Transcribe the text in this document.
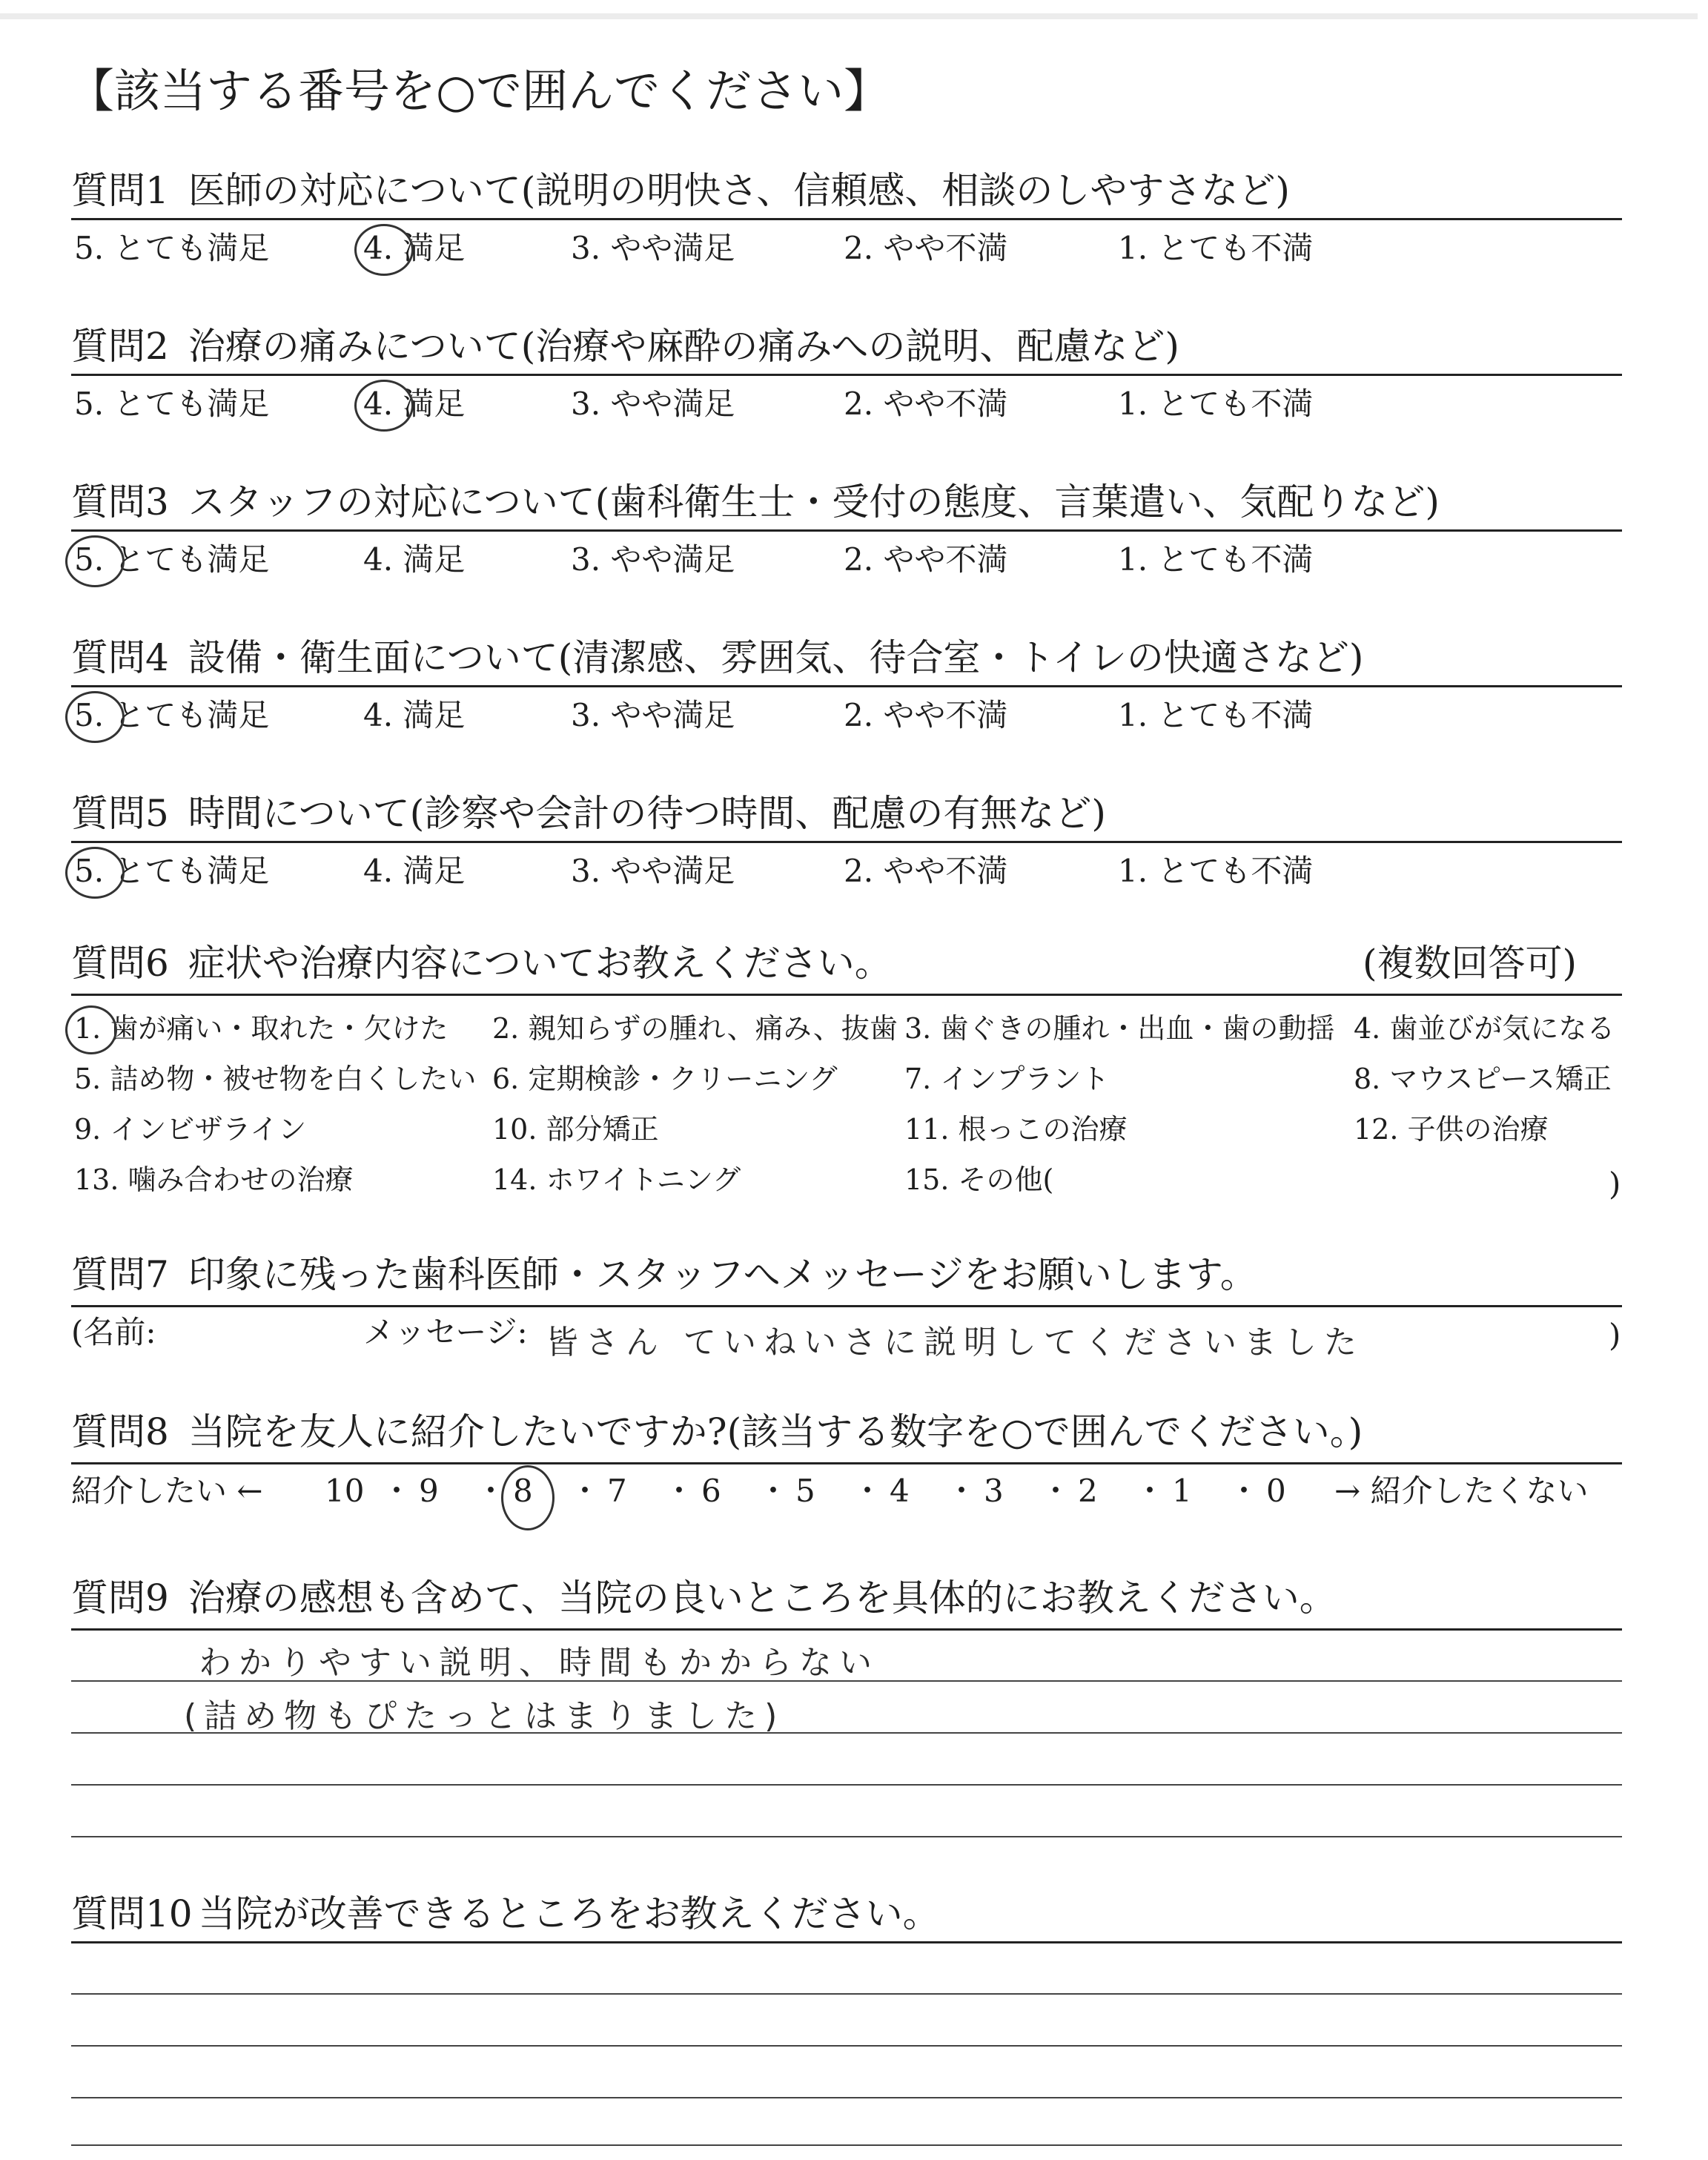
【該当する番号を○で囲んでください】
質問1 医師の対応について(説明の明快さ、信頼感、相談のしやすさなど)
5. とても満足	4. 満足	3. やや満足	2. やや不満	1. とても不満
質問2 治療の痛みについて(治療や麻酔の痛みへの説明、配慮など)
5. とても満足	4. 満足	3. やや満足	2. やや不満	1. とても不満
質問3 スタッフの対応について(歯科衛生士・受付の態度、言葉遣い、気配りなど)
5. とても満足	4. 満足	3. やや満足	2. やや不満	1. とても不満
質問4 設備・衛生面について(清潔感、雰囲気、待合室・トイレの快適さなど)
5. とても満足	4. 満足	3. やや満足	2. やや不満	1. とても不満
質問5 時間について(診察や会計の待つ時間、配慮の有無など)
5. とても満足	4. 満足	3. やや満足	2. やや不満	1. とても不満
質問6 症状や治療内容についてお教えください。	(複数回答可)
1. 歯が痛い・取れた・欠けた 2. 親知らずの腫れ、痛み、抜歯 3. 歯ぐきの腫れ・出血・歯の動揺 4. 歯並びが気になる
5. 詰め物・被せ物を白くしたい 6. 定期検診・クリーニング 7. インプラント	8. マウスピース矯正
9. インビザライン	10. 部分矯正	11. 根っこの治療	12. 子供の治療
13. 噛み合わせの治療	14. ホワイトニング	15. その他(	)
質問7 印象に残った歯科医師・スタッフへメッセージをお願いします。
(名前:	メッセージ: 皆さん ていねいさに説明してくださいました	)
質問8 当院を友人に紹介したいですか?(該当する数字を○で囲んでください。)
紹介したい ←	→ 紹介したくない
10 ・ 9 ・ 8 ・ 7 ・ 6 ・ 5 ・ 4 ・ 3 ・ 2 ・ 1 ・ 0
質問9 治療の感想も含めて、当院の良いところを具体的にお教えください。
わかりやすい説明、時間もかからない
(詰め物もぴたっとはまりました)
質問10 当院が改善できるところをお教えください。
